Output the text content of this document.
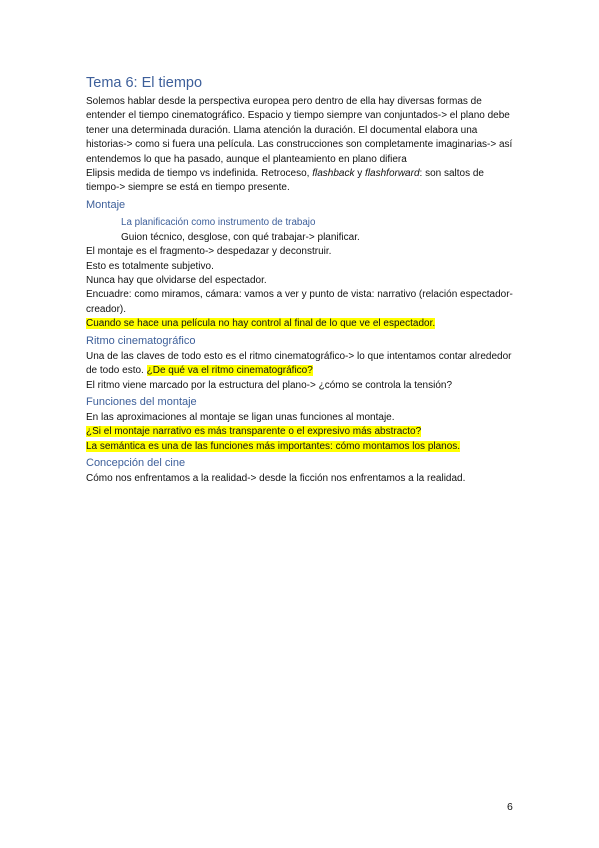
Tema 6: El tiempo

Solemos hablar desde la perspectiva europea pero dentro de ella hay diversas formas de entender el tiempo cinematográfico. Espacio y tiempo siempre van conjuntados-> el plano debe tener una determinada duración. Llama atención la duración. El documental elabora una historias-> como si fuera una película. Las construcciones son completamente imaginarias-> así entendemos lo que ha pasado, aunque el planteamiento en plano difiera

Elipsis medida de tiempo vs indefinida. Retroceso, flashback y flashforward: son saltos de tiempo-> siempre se está en tiempo presente.

Montaje
La planificación como instrumento de trabajo

Guion técnico, desglose, con qué trabajar-> planificar.

El montaje es el fragmento-> despedazar y deconstruir.

Esto es totalmente subjetivo.

Nunca hay que olvidarse del espectador.

Encuadre: como miramos, cámara: vamos a ver y punto de vista: narrativo (relación espectador-creador).

Cuando se hace una película no hay control al final de lo que ve el espectador.

Ritmo cinematográfico

Una de las claves de todo esto es el ritmo cinematográfico-> lo que intentamos contar alrededor de todo esto. ¿De qué va el ritmo cinematográfico?

El ritmo viene marcado por la estructura del plano-> ¿cómo se controla la tensión?

Funciones del montaje

En las aproximaciones al montaje se ligan unas funciones al montaje.

¿Si el montaje narrativo es más transparente o el expresivo más abstracto?

La semántica es una de las funciones más importantes: cómo montamos los planos.

Concepción del cine

Cómo nos enfrentamos a la realidad-> desde la ficción nos enfrentamos a la realidad.

6
